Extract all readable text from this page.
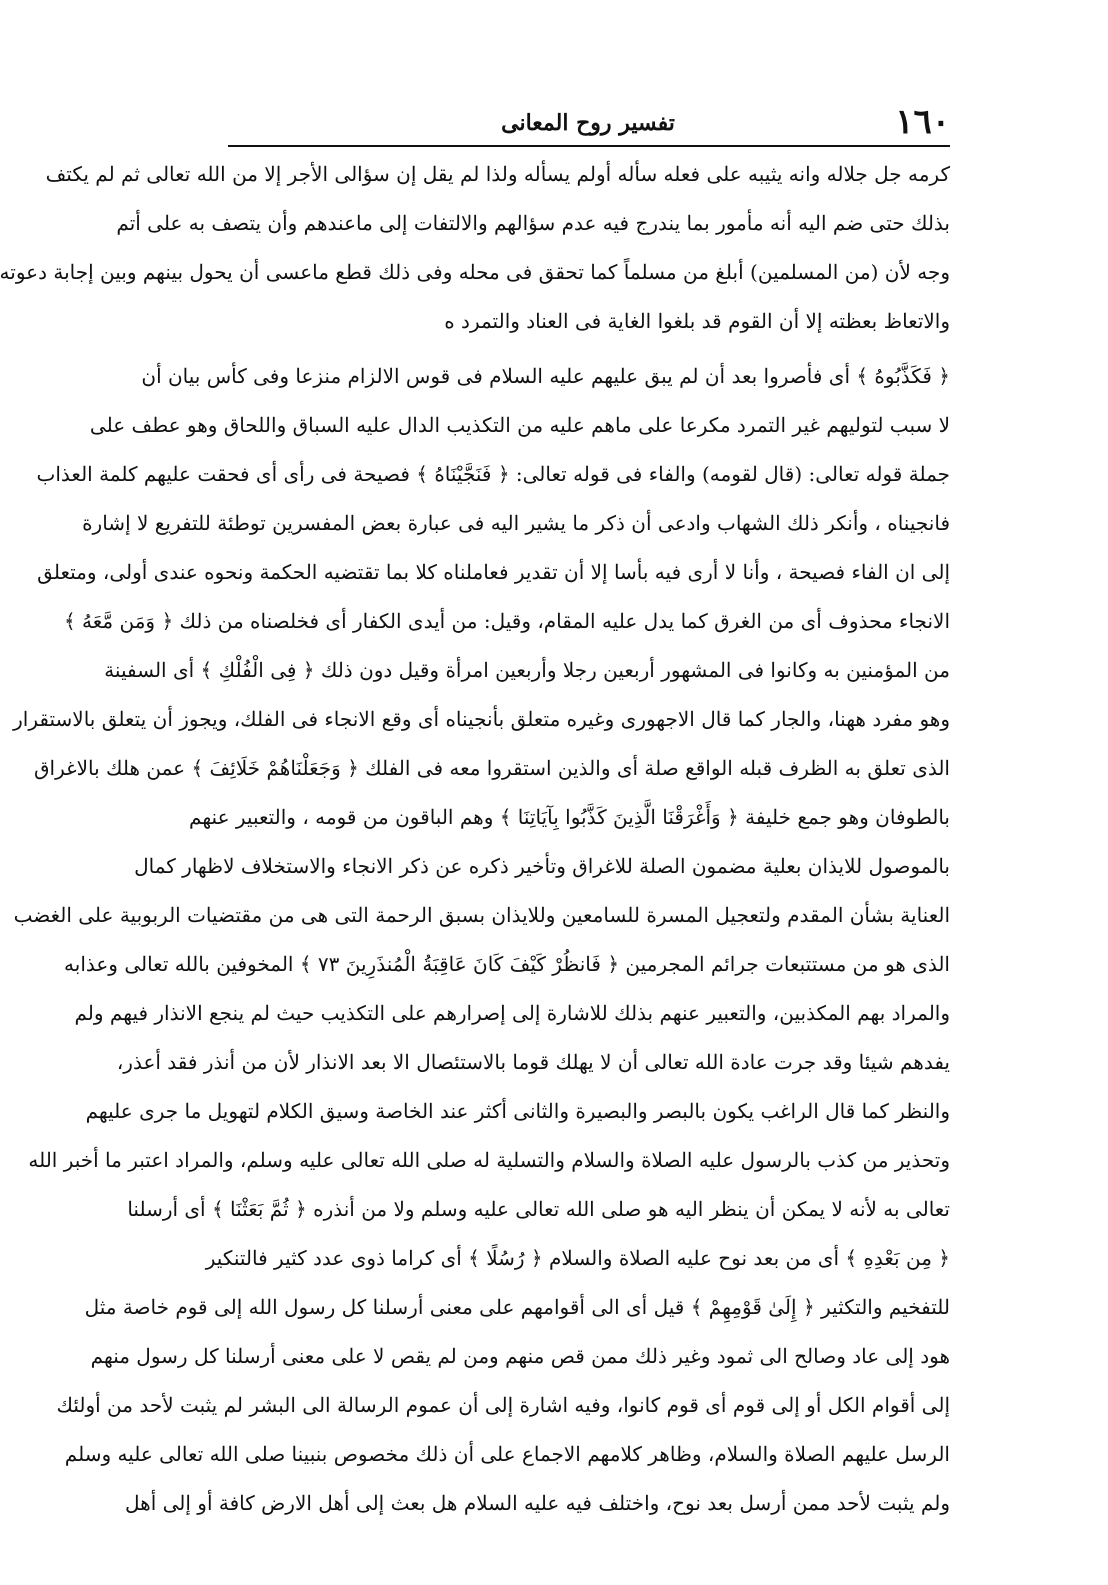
١٦٠
تفسير روح المعانى
كرمه جل جلاله وانه يثيبه على فعله سأله أولم يسأله ولذا لم يقل إن سؤالى الأجر إلا من الله تعالى ثم لم يكتف
بذلك حتى ضم اليه أنه مأمور بما يندرج فيه عدم سؤالهم والالتفات إلى ماعندهم وأن يتصف به على أتم
وجه لأن (من المسلمين) أبلغ من مسلماً كما تحقق فى محله وفى ذلك قطع ماعسى أن يحول بينهم وبين إجابة دعوته
والاتعاظ بعظته إلا أن القوم قد بلغوا الغاية فى العناد والتمرد ه
﴿ فَكَذَّبُوهُ ﴾ أى فأصروا بعد أن لم يبق عليهم عليه السلام فى قوس الالزام منزعا وفى كأس بيان أن
لا سبب لتوليهم غير التمرد مكرعا على ماهم عليه من التكذيب الدال عليه السباق واللحاق وهو عطف على
جملة قوله تعالى: (قال لقومه) والفاء فى قوله تعالى: ﴿ فَنَجَّيْنَاهُ ﴾ فصيحة فى رأى أى فحقت عليهم كلمة العذاب
فانجيناه ، وأنكر ذلك الشهاب وادعى أن ذكر ما يشير اليه فى عبارة بعض المفسرين توطئة للتفريع لا إشارة
إلى ان الفاء فصيحة ، وأنا لا أرى فيه بأسا إلا أن تقدير فعاملناه كلا بما تقتضيه الحكمة ونحوه عندى أولى، ومتعلق
الانجاء محذوف أى من الغرق كما يدل عليه المقام، وقيل: من أيدى الكفار أى فخلصناه من ذلك ﴿ وَمَن مَّعَهُ ﴾
من المؤمنين به وكانوا فى المشهور أربعين رجلا وأربعين امرأة وقيل دون ذلك ﴿ فِى الْفُلْكِ ﴾ أى السفينة
وهو مفرد ههنا، والجار كما قال الاجهورى وغيره متعلق بأنجيناه أى وقع الانجاء فى الفلك، ويجوز أن يتعلق بالاستقرار
الذى تعلق به الظرف قبله الواقع صلة أى والذين استقروا معه فى الفلك ﴿ وَجَعَلْنَاهُمْ خَلَائِفَ ﴾ عمن هلك بالاغراق
بالطوفان وهو جمع خليفة ﴿ وَأَغْرَقْنَا الَّذِينَ كَذَّبُوا بِآيَاتِنَا ﴾ وهم الباقون من قومه ، والتعبير عنهم
بالموصول للايذان بعلية مضمون الصلة للاغراق وتأخير ذكره عن ذكر الانجاء والاستخلاف لاظهار كمال
العناية بشأن المقدم ولتعجيل المسرة للسامعين وللايذان بسبق الرحمة التى هى من مقتضيات الربوبية على الغضب
الذى هو من مستتبعات جرائم المجرمين ﴿ فَانظُرْ كَيْفَ كَانَ عَاقِبَةُ الْمُنذَرِينَ ٧٣ ﴾ المخوفين بالله تعالى وعذابه
والمراد بهم المكذبين، والتعبير عنهم بذلك للاشارة إلى إصرارهم على التكذيب حيث لم ينجع الانذار فيهم ولم
يفدهم شيئا وقد جرت عادة الله تعالى أن لا يهلك قوما بالاستئصال الا بعد الانذار لأن من أنذر فقد أعذر،
والنظر كما قال الراغب يكون بالبصر والبصيرة والثانى أكثر عند الخاصة وسيق الكلام لتهويل ما جرى عليهم
وتحذير من كذب بالرسول عليه الصلاة والسلام والتسلية له صلى الله تعالى عليه وسلم، والمراد اعتبر ما أخبر الله
تعالى به لأنه لا يمكن أن ينظر اليه هو صلى الله تعالى عليه وسلم ولا من أنذره ﴿ ثُمَّ بَعَثْنَا ﴾ أى أرسلنا
﴿ مِن بَعْدِهِ ﴾ أى من بعد نوح عليه الصلاة والسلام ﴿ رُسُلًا ﴾ أى كراما ذوى عدد كثير فالتنكير
للتفخيم والتكثير ﴿ إِلَىٰ قَوْمِهِمْ ﴾ قيل أى الى أقوامهم على معنى أرسلنا كل رسول الله إلى قوم خاصة مثل
هود إلى عاد وصالح الى ثمود وغير ذلك ممن قص منهم ومن لم يقص لا على معنى أرسلنا كل رسول منهم
إلى أقوام الكل أو إلى قوم أى قوم كانوا، وفيه اشارة إلى أن عموم الرسالة الى البشر لم يثبت لأحد من أولئك
الرسل عليهم الصلاة والسلام، وظاهر كلامهم الاجماع على أن ذلك مخصوص بنبينا صلى الله تعالى عليه وسلم
ولم يثبت لأحد ممن أرسل بعد نوح، واختلف فيه عليه السلام هل بعث إلى أهل الارض كافة أو إلى أهل
